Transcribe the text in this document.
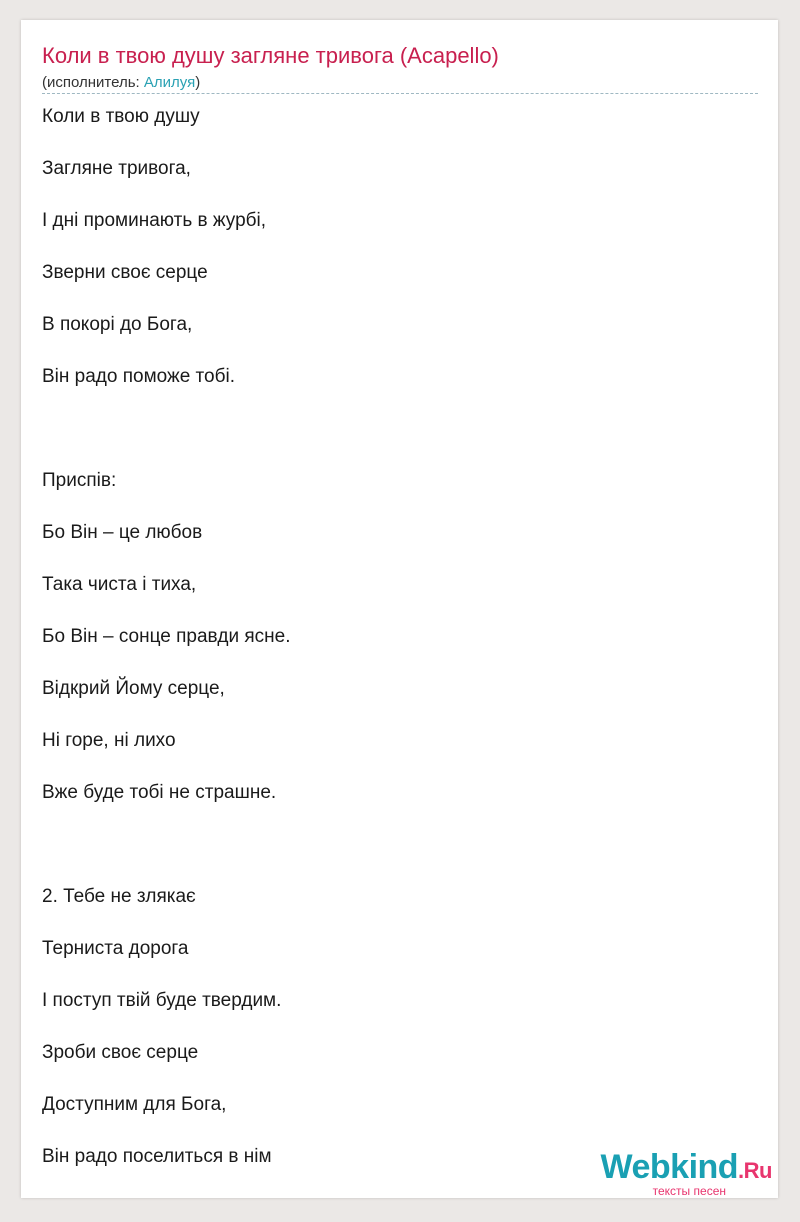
Коли в твою душу загляне тривога (Acapello)
(исполнитель: Алилуя)
Коли в твою душу
Загляне тривога,
І дні проминають в журбі,
Зверни своє серце
В покорі до Бога,
Він радо поможе тобі.
Приспів:
Бо Він – це любов
Така чиста і тиха,
Бо Він – сонце правди ясне.
Відкрий Йому серце,
Ні горе, ні лихо
Вже буде тобі не страшне.
2. Тебе не злякає
Терниста дорога
І поступ твій буде твердим.
Зроби своє серце
Доступним для Бога,
Він радо поселиться в нім	Webkind.Ru
тексты песен
